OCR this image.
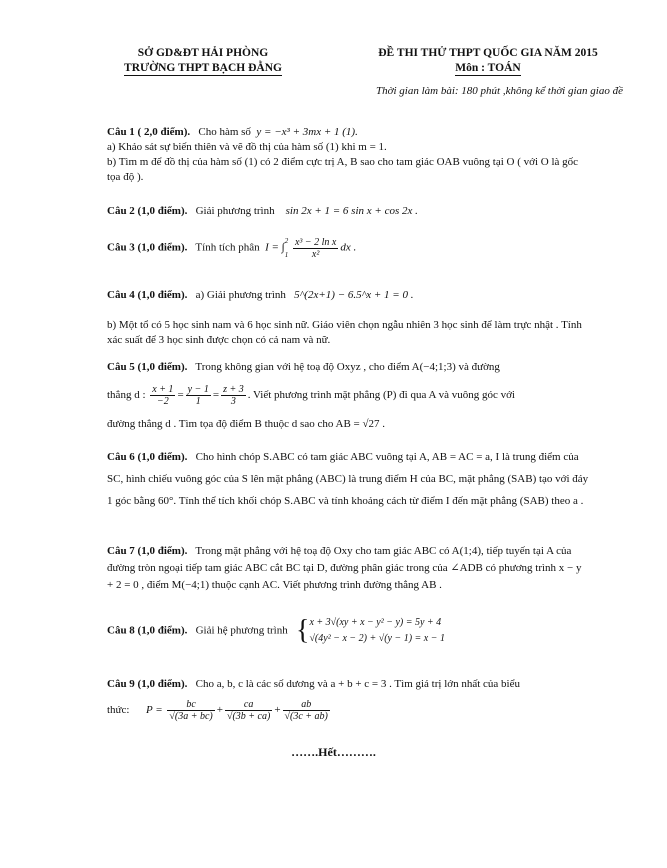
SỞ GD&ĐT HẢI PHÒNG
TRƯỜNG THPT BẠCH ĐẰNG
ĐỀ THI THỬ THPT QUỐC GIA NĂM 2015
Môn : TOÁN
Thời gian làm bài: 180 phút ,không kể thời gian giao đề
Câu 1 ( 2,0 điểm). Cho hàm số y = −x³ + 3mx + 1 (1).
a) Khảo sát sự biến thiên và vẽ đồ thị của hàm số (1) khi m = 1.
b) Tìm m để đồ thị của hàm số (1) có 2 điểm cực trị A, B sao cho tam giác OAB vuông tại O ( với O là gốc tọa độ ).
Câu 2 (1,0 điểm). Giải phương trình sin 2x + 1 = 6 sin x + cos 2x .
Câu 3 (1,0 điểm). Tính tích phân I = ∫
2
1
$\frac{\text{x³ − 2 ln x}}{\text{x²}}$ dx .
Câu 4 (1,0 điểm). a) Giải phương trình 5^(2x+1) − 6.5^x + 1 = 0 .
b) Một tổ có 5 học sinh nam và 6 học sinh nữ. Giáo viên chọn ngẫu nhiên 3 học sinh để làm trực nhật . Tính xác suất để 3 học sinh được chọn có cả nam và nữ.
Câu 5 (1,0 điểm). Trong không gian với hệ toạ độ Oxyz , cho điểm A(−4;1;3) và đường
thẳng d : $\frac{x + 1}{-2} = \frac{y - 1}{1} = \frac{z + 3}{3}$ . Viết phương trình mặt phẳng (P) đi qua A và vuông góc với
đường thẳng d . Tìm tọa độ điểm B thuộc d sao cho AB = √27 .
Câu 6 (1,0 điểm). Cho hình chóp S.ABC có tam giác ABC vuông tại A, AB = AC = a, I là trung điểm của SC, hình chiếu vuông góc của S lên mặt phẳng (ABC) là trung điểm H của BC, mặt phẳng (SAB) tạo với đáy 1 góc bằng 60°. Tính thể tích khối chóp S.ABC và tính khoảng cách từ điểm I đến mặt phẳng (SAB) theo a .
Câu 7 (1,0 điểm). Trong mặt phẳng với hệ toạ độ Oxy cho tam giác ABC có A(1;4), tiếp tuyến tại A của đường tròn ngoại tiếp tam giác ABC cắt BC tại D, đường phân giác trong của ∠ADB có phương trình x − y + 2 = 0 , điểm M(−4;1) thuộc cạnh AC. Viết phương trình đường thẳng AB .
Câu 8 (1,0 điểm). Giải hệ phương trình { x + 3√(xy + x − y² − y) = 5y + 4
√(4y² − x − 2) + √(y − 1) = x − 1
Câu 9 (1,0 điểm). Cho a, b, c là các số dương và a + b + c = 3 . Tìm giá trị lớn nhất của biểu
thức: $P = \frac{bc}{√(3a + bc)} + \frac{ca}{√(3b + ca)} + \frac{ab}{√(3c + ab)}$
…….Hết……….
